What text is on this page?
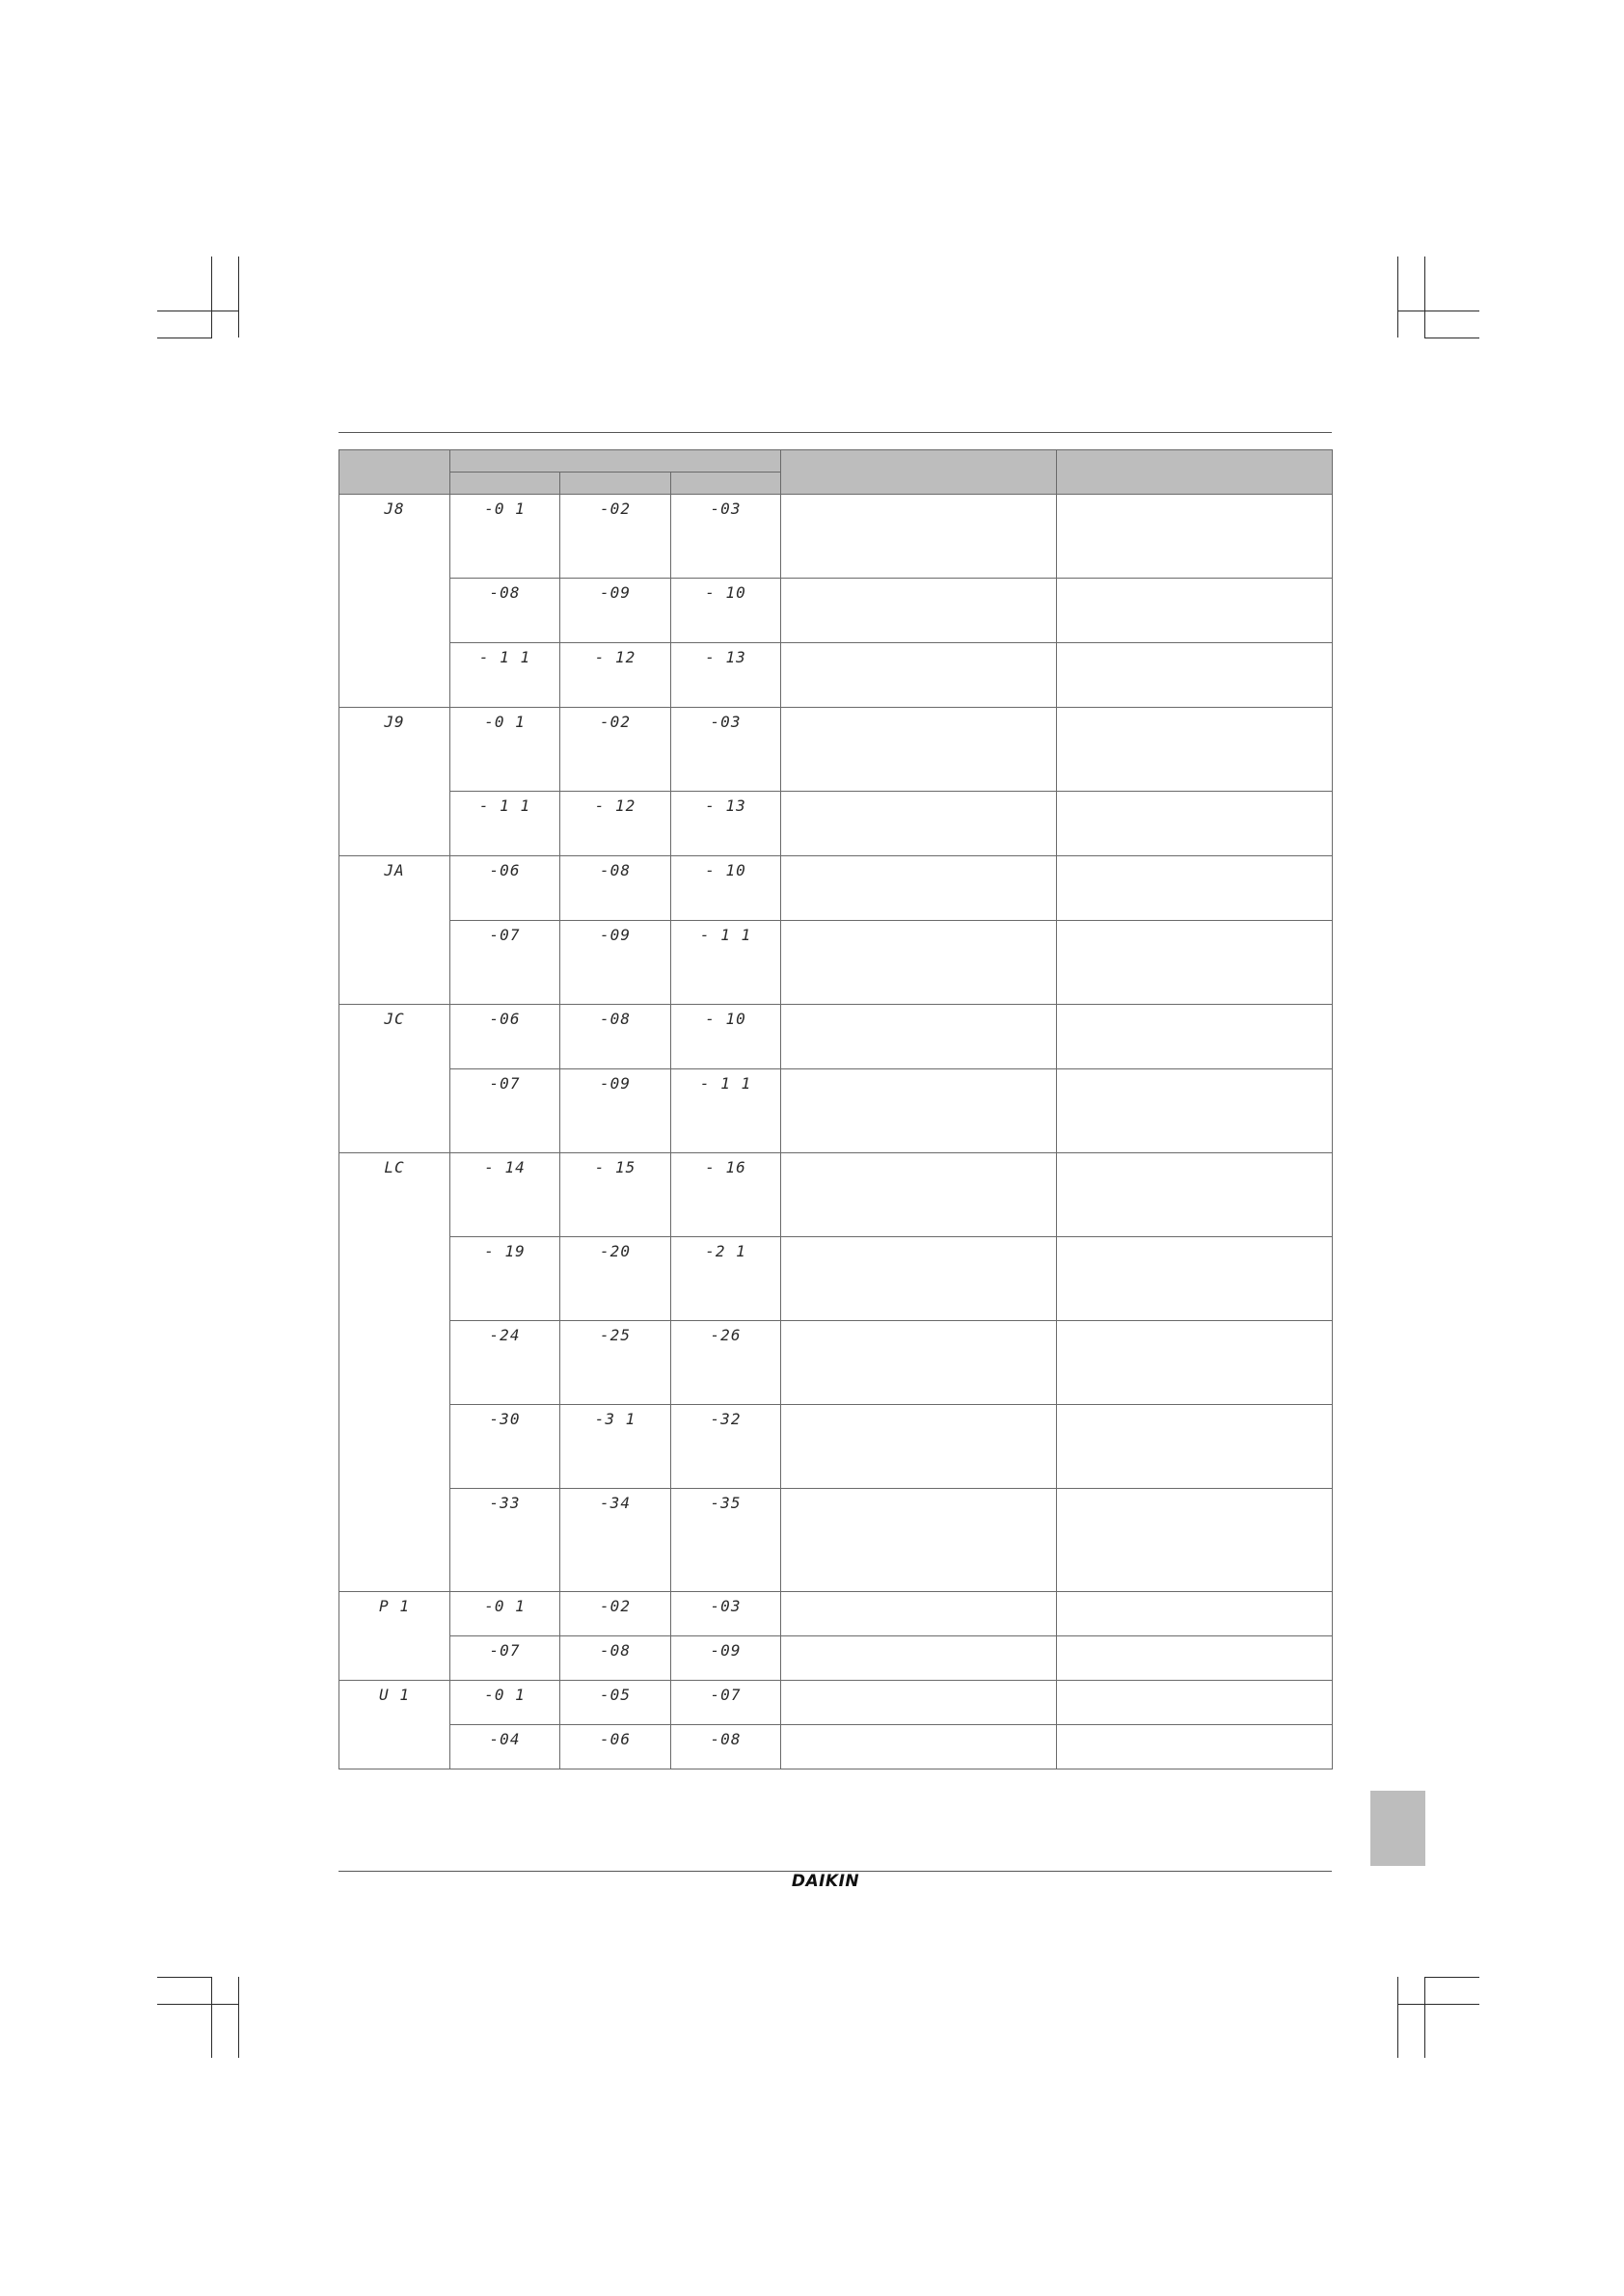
J8	-0 1	-02	-03		
	-08	-09	- 10		
	- 1 1	- 12	- 13		
J9	-0 1	-02	-03		
	- 1 1	- 12	- 13		
JA	-06	-08	- 10		
	-07	-09	- 1 1		
JC	-06	-08	- 10		
	-07	-09	- 1 1		
LC	- 14	- 15	- 16		
	- 19	-20	-2 1		
	-24	-25	-26		
	-30	-3 1	-32		
	-33	-34	-35		
P 1	-0 1	-02	-03		
	-07	-08	-09		
U 1	-0 1	-05	-07		
	-04	-06	-08		
DAIKIN
